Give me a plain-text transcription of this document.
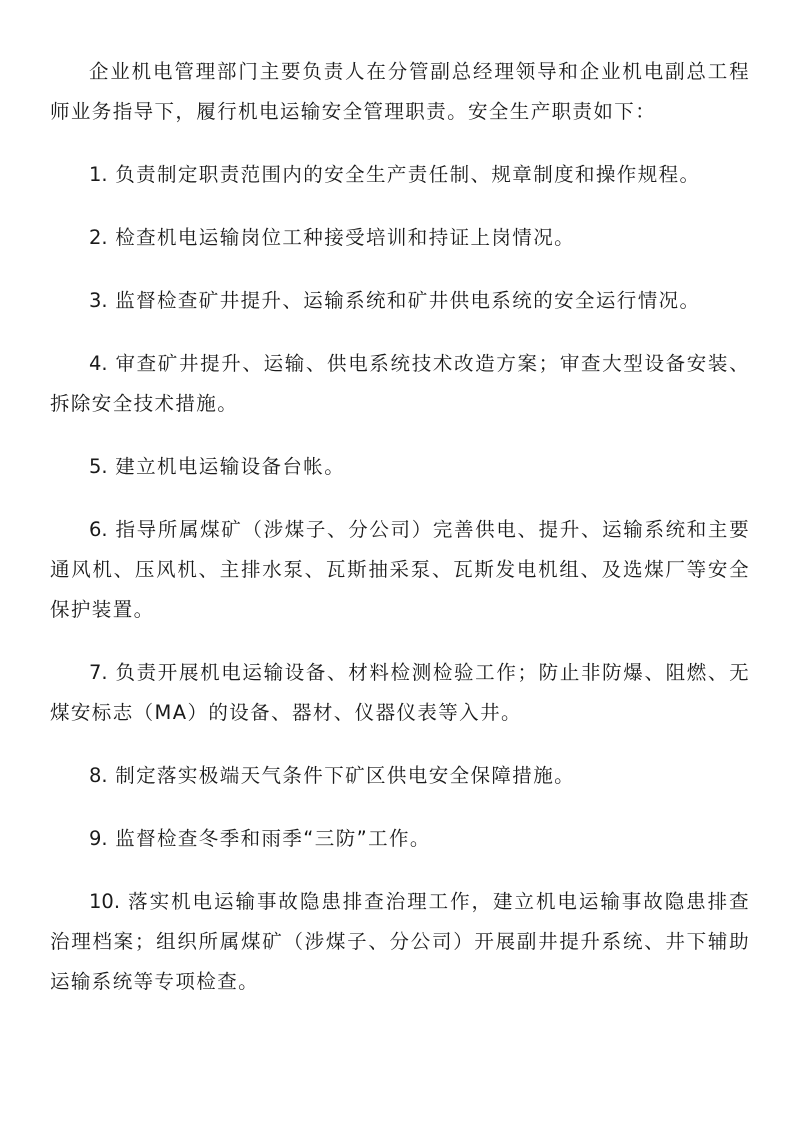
企业机电管理部门主要负责人在分管副总经理领导和企业机电副总工程师业务指导下，履行机电运输安全管理职责。安全生产职责如下：

1. 负责制定职责范围内的安全生产责任制、规章制度和操作规程。

2. 检查机电运输岗位工种接受培训和持证上岗情况。

3. 监督检查矿井提升、运输系统和矿井供电系统的安全运行情况。

4. 审查矿井提升、运输、供电系统技术改造方案；审查大型设备安装、拆除安全技术措施。

5. 建立机电运输设备台帐。

6. 指导所属煤矿（涉煤子、分公司）完善供电、提升、运输系统和主要通风机、压风机、主排水泵、瓦斯抽采泵、瓦斯发电机组、及选煤厂等安全保护装置。

7. 负责开展机电运输设备、材料检测检验工作；防止非防爆、阻燃、无煤安标志（MA）的设备、器材、仪器仪表等入井。

8. 制定落实极端天气条件下矿区供电安全保障措施。

9. 监督检查冬季和雨季“三防”工作。

10. 落实机电运输事故隐患排查治理工作，建立机电运输事故隐患排查治理档案；组织所属煤矿（涉煤子、分公司）开展副井提升系统、井下辅助运输系统等专项检查。
